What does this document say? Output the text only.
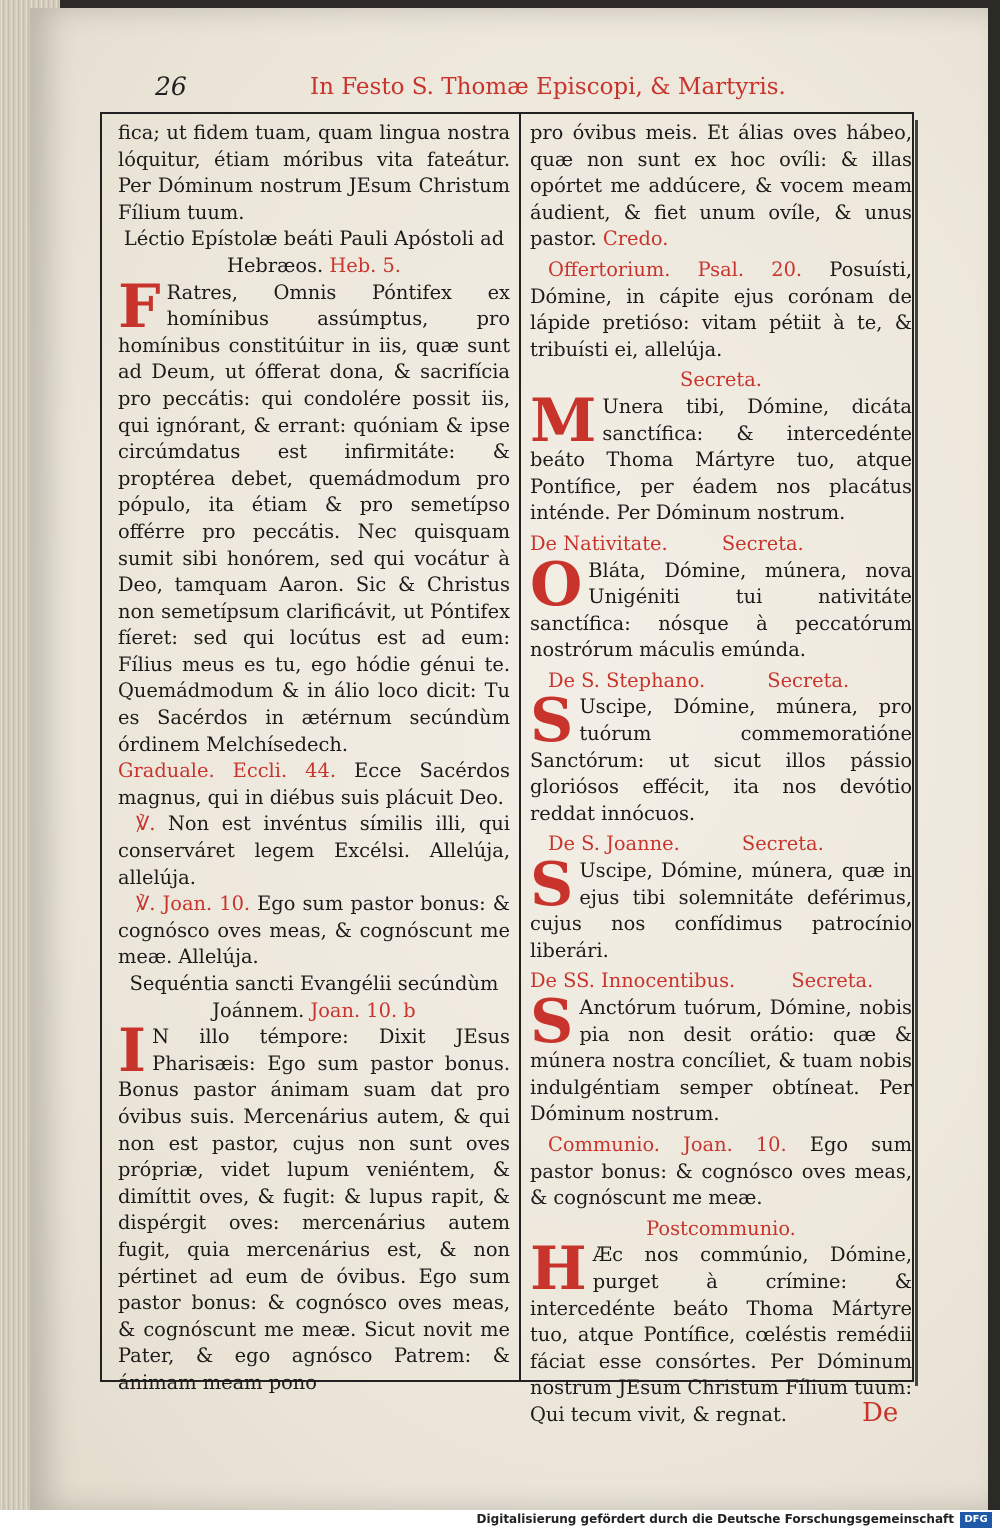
26	In Festo S. Thomæ Episcopi, & Martyris.

fica; ut fidem tuam, quam lingua nostra lóquitur, étiam móribus vita fateátur. Per Dóminum nostrum JEsum Christum Fílium tuum.

Léctio Epístolæ beáti Pauli Apóstoli ad Hebræos. Heb. 5.

F Ratres, Omnis Póntifex ex homínibus assúmptus, pro homínibus constitúitur in iis, quæ sunt ad Deum, ut ófferat dona, & sacrifícia pro peccátis: qui condolére possit iis, qui ignórant, & errant: quóniam & ipse circúmdatus est infirmitáte: & proptérea debet, quemádmodum pro pópulo, ita étiam & pro semetípso offérre pro peccátis. Nec quisquam sumit sibi honórem, sed qui vocátur à Deo, tamquam Aaron. Sic & Christus non semetípsum clarificávit, ut Póntifex fíeret: sed qui locútus est ad eum: Fílius meus es tu, ego hódie génui te. Quemádmodum & in álio loco dicit: Tu es Sacérdos in ætérnum secúndùm órdinem Melchísedech.

Graduale. Eccli. 44. Ecce Sacérdos magnus, qui in diébus suis plácuit Deo.

℣. Non est invéntus símilis illi, qui conserváret legem Excélsi. Allelúja, allelúja.

℣. Joan. 10. Ego sum pastor bonus: & cognósco oves meas, & cognóscunt me meæ. Allelúja.

Sequéntia sancti Evangélii secúndùm Joánnem. Joan. 10. b

I N illo témpore: Dixit JEsus Pharisæis: Ego sum pastor bonus. Bonus pastor ánimam suam dat pro óvibus suis. Mercenárius autem, & qui non est pastor, cujus non sunt oves própriæ, videt lupum veniéntem, & dimíttit oves, & fugit: & lupus rapit, & dispérgit oves: mercenárius autem fugit, quia mercenárius est, & non pértinet ad eum de óvibus. Ego sum pastor bonus: & cognósco oves meas, & cognóscunt me meæ. Sicut novit me Pater, & ego agnósco Patrem: & ánimam meam pono

pro óvibus meis. Et álias oves hábeo, quæ non sunt ex hoc ovíli: & illas opórtet me addúcere, & vocem meam áudient, & fiet unum ovíle, & unus pastor. Credo.

Offertorium. Psal. 20. Posuísti, Dómine, in cápite ejus corónam de lápide pretióso: vitam pétiit à te, & tribuísti ei, allelúja.

Secreta.

M Unera tibi, Dómine, dicáta sanctífica: & intercedénte beáto Thoma Mártyre tuo, atque Pontífice, per éadem nos placátus inténde. Per Dóminum nostrum.

De Nativitate.	Secreta.

O Bláta, Dómine, múnera, nova Unigéniti tui nativitáte sanctífica: nósque à peccatórum nostrórum máculis emúnda.

De S. Stephano.	Secreta.

S Uscipe, Dómine, múnera, pro tuórum commemoratióne Sanctórum: ut sicut illos pássio gloriósos effécit, ita nos devótio reddat innócuos.

De S. Joanne.	Secreta.

S Uscipe, Dómine, múnera, quæ in ejus tibi solemnitáte deférimus, cujus nos confídimus patrocínio liberári.

De SS. Innocentibus.	Secreta.

S Anctórum tuórum, Dómine, nobis pia non desit orátio: quæ & múnera nostra concíliet, & tuam nobis indulgéntiam semper obtíneat. Per Dóminum nostrum.

Communio. Joan. 10. Ego sum pastor bonus: & cognósco oves meas, & cognóscunt me meæ.

Postcommunio.

H Æc nos commúnio, Dómine, purget à crímine: & intercedénte beáto Thoma Mártyre tuo, atque Pontífice, cœléstis remédii fáciat esse consórtes. Per Dóminum nostrum JEsum Christum Fílium tuum: Qui tecum vivit, & regnat.	De
Digitalisierung gefördert durch die Deutsche Forschungsgemeinschaft	DFG
